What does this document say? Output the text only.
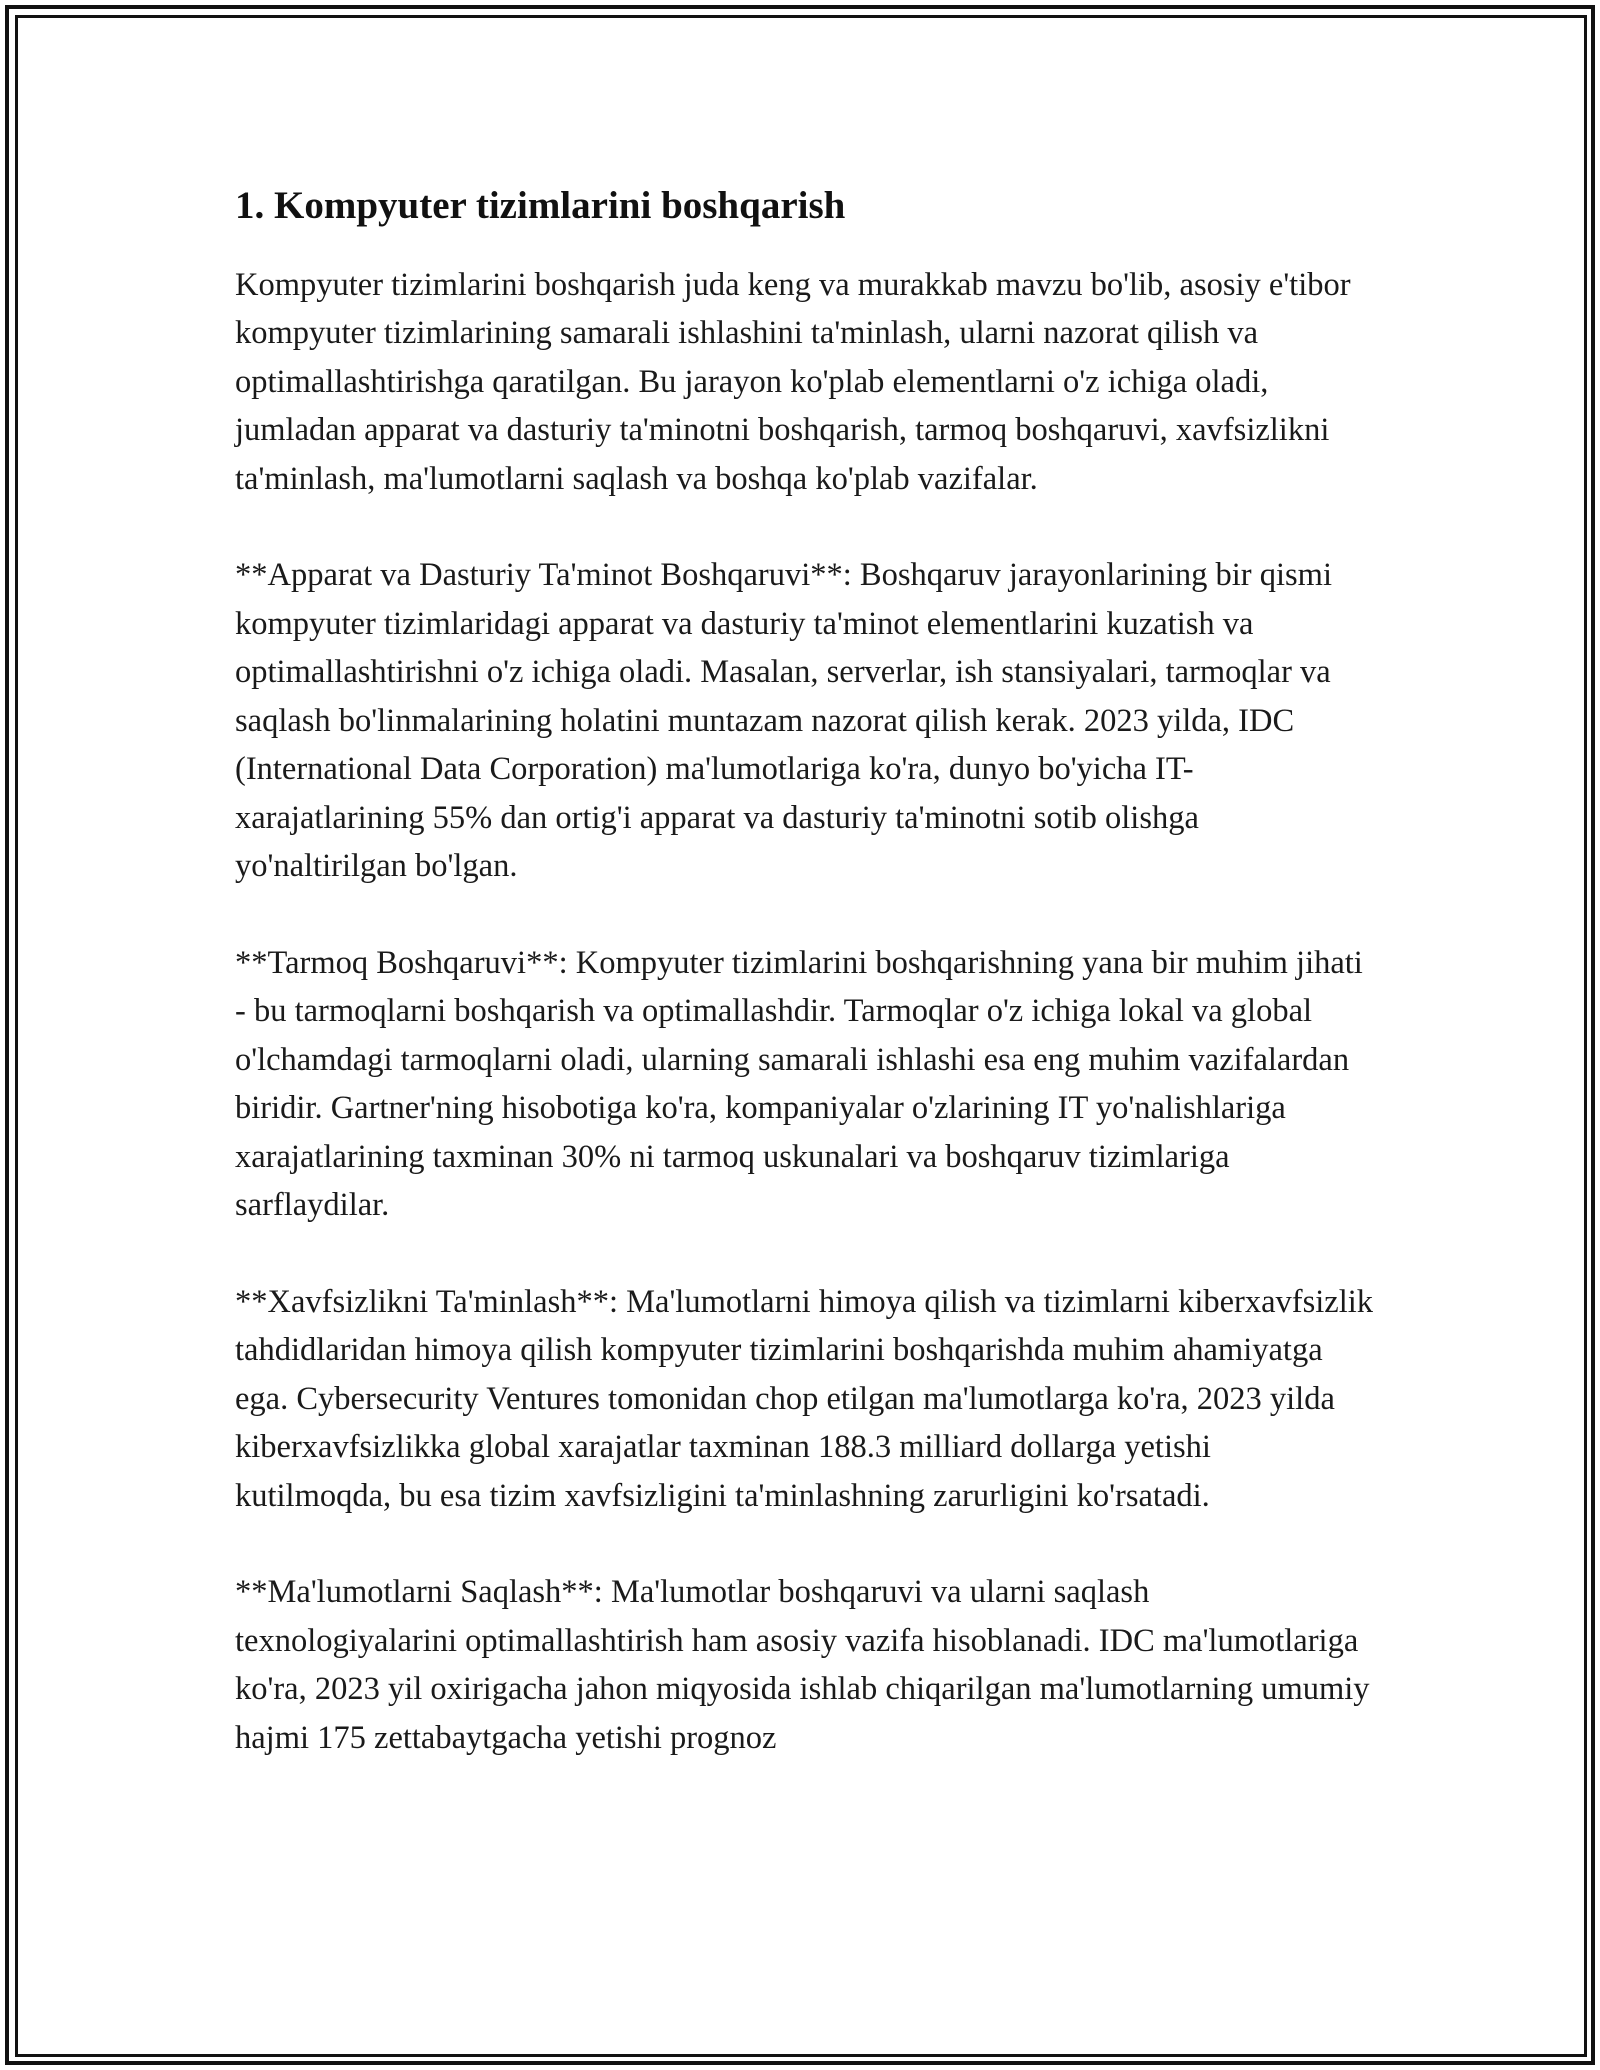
1. Kompyuter tizimlarini boshqarish

Kompyuter tizimlarini boshqarish juda keng va murakkab mavzu bo'lib, asosiy e'tibor kompyuter tizimlarining samarali ishlashini ta'minlash, ularni nazorat qilish va optimallashtirishga qaratilgan. Bu jarayon ko'plab elementlarni o'z ichiga oladi, jumladan apparat va dasturiy ta'minotni boshqarish, tarmoq boshqaruvi, xavfsizlikni ta'minlash, ma'lumotlarni saqlash va boshqa ko'plab vazifalar.

**Apparat va Dasturiy Ta'minot Boshqaruvi**: Boshqaruv jarayonlarining bir qismi kompyuter tizimlaridagi apparat va dasturiy ta'minot elementlarini kuzatish va optimallashtirishni o'z ichiga oladi. Masalan, serverlar, ish stansiyalari, tarmoqlar va saqlash bo'linmalarining holatini muntazam nazorat qilish kerak. 2023 yilda, IDC (International Data Corporation) ma'lumotlariga ko'ra, dunyo bo'yicha IT-xarajatlarining 55% dan ortig'i apparat va dasturiy ta'minotni sotib olishga yo'naltirilgan bo'lgan.

**Tarmoq Boshqaruvi**: Kompyuter tizimlarini boshqarishning yana bir muhim jihati - bu tarmoqlarni boshqarish va optimallashdir. Tarmoqlar o'z ichiga lokal va global o'lchamdagi tarmoqlarni oladi, ularning samarali ishlashi esa eng muhim vazifalardan biridir. Gartner'ning hisobotiga ko'ra, kompaniyalar o'zlarining IT yo'nalishlariga xarajatlarining taxminan 30% ni tarmoq uskunalari va boshqaruv tizimlariga sarflaydilar.

**Xavfsizlikni Ta'minlash**: Ma'lumotlarni himoya qilish va tizimlarni kiberxavfsizlik tahdidlaridan himoya qilish kompyuter tizimlarini boshqarishda muhim ahamiyatga ega. Cybersecurity Ventures tomonidan chop etilgan ma'lumotlarga ko'ra, 2023 yilda kiberxavfsizlikka global xarajatlar taxminan 188.3 milliard dollarga yetishi kutilmoqda, bu esa tizim xavfsizligini ta'minlashning zarurligini ko'rsatadi.

**Ma'lumotlarni Saqlash**: Ma'lumotlar boshqaruvi va ularni saqlash texnologiyalarini optimallashtirish ham asosiy vazifa hisoblanadi. IDC ma'lumotlariga ko'ra, 2023 yil oxirigacha jahon miqyosida ishlab chiqarilgan ma'lumotlarning umumiy hajmi 175 zettabaytgacha yetishi prognoz
